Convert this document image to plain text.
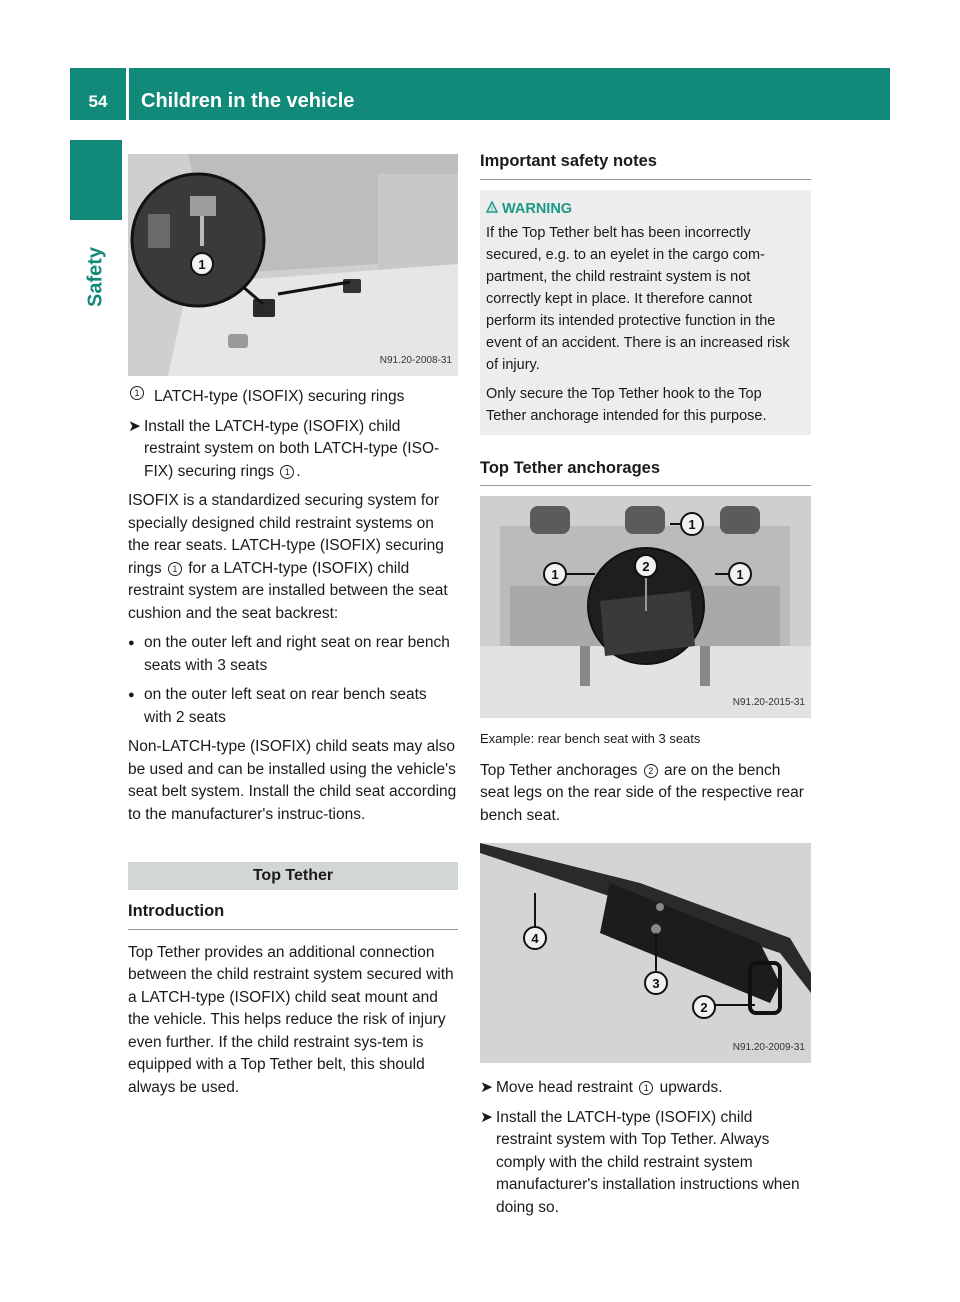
54	Children in the vehicle
Safety	1
N91.20-2008-31
1 LATCH-type (ISOFIX) securing rings
➤ Install the LATCH-type (ISOFIX) child restraint system on both LATCH-type (ISO-FIX) securing rings 1 .

ISOFIX is a standardized securing system for specially designed child restraint systems on the rear seats. LATCH-type (ISOFIX) securing rings 1 for a LATCH-type (ISOFIX) child restraint system are installed between the seat cushion and the seat backrest:

● on the outer left and right seat on rear bench seats with 3 seats
● on the outer left seat on rear bench seats with 2 seats

Non-LATCH-type (ISOFIX) child seats may also be used and can be installed using the vehicle's seat belt system. Install the child seat according to the manufacturer's instruc-tions.

Top Tether
Introduction

Top Tether provides an additional connection between the child restraint system secured with a LATCH-type (ISOFIX) child seat mount and the vehicle. This helps reduce the risk of injury even further. If the child restraint sys-tem is equipped with a Top Tether belt, this should always be used.

Important safety notes
! WARNING

If the Top Tether belt has been incorrectly secured, e.g. to an eyelet in the cargo com-partment, the child restraint system is not correctly kept in place. It therefore cannot perform its intended protective function in the event of an accident. There is an increased risk of injury.

Only secure the Top Tether hook to the Top Tether anchorage intended for this purpose.

Top Tether anchorages
2
1
1	1
N91.20-2015-31
Example: rear bench seat with 3 seats

Top Tether anchorages 2 are on the bench seat legs on the rear side of the respective rear bench seat.

4
3
2
N91.20-2009-31
➤ Move head restraint 1 upwards.
➤ Install the LATCH-type (ISOFIX) child restraint system with Top Tether. Always comply with the child restraint system manufacturer's installation instructions when doing so.
